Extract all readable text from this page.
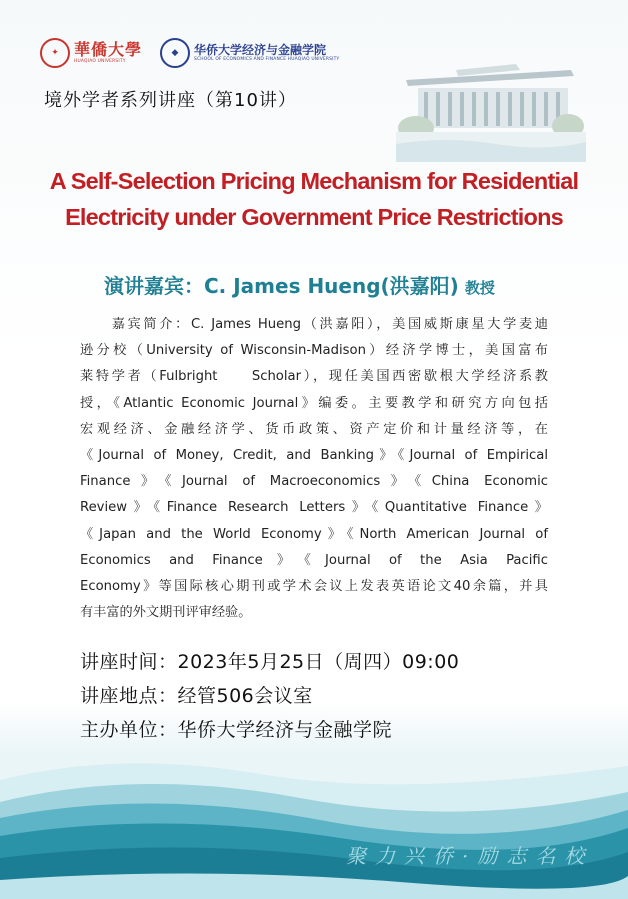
✦ 華僑大學
HUAQIAO UNIVERSITY
◆	华侨大学经济与金融学院
SCHOOL OF ECONOMICS AND FINANCE HUAQIAO UNIVERSITY
境外学者系列讲座（第10讲）
A Self-Selection Pricing Mechanism for Residential
Electricity under Government Price Restrictions
演讲嘉宾：C. James Hueng(洪嘉阳) 教授
　　嘉宾简介：C. James Hueng（洪嘉阳），美国威斯康星大学麦迪
逊分校（University of Wisconsin-Madison）经济学博士，美国富布
莱特学者（Fulbright　　Scholar），现任美国西密歇根大学经济系教
授，《Atlantic Economic Journal》编委。主要教学和研究方向包括
宏观经济、金融经济学、货币政策、资产定价和计量经济等，在
《Journal of Money, Credit, and Banking》《Journal of Empirical
Finance》《Journal of Macroeconomics》《China Economic
Review》《Finance Research Letters》《Quantitative Finance》
《Japan and the World Economy》《North American Journal of
Economics and Finance》《Journal of the Asia Pacific
Economy》等国际核心期刊或学术会议上发表英语论文40余篇，并具
有丰富的外文期刊评审经验。
讲座时间：2023年5月25日（周四）09:00
讲座地点：经管506会议室
主办单位：华侨大学经济与金融学院
聚力兴侨·励志名校
